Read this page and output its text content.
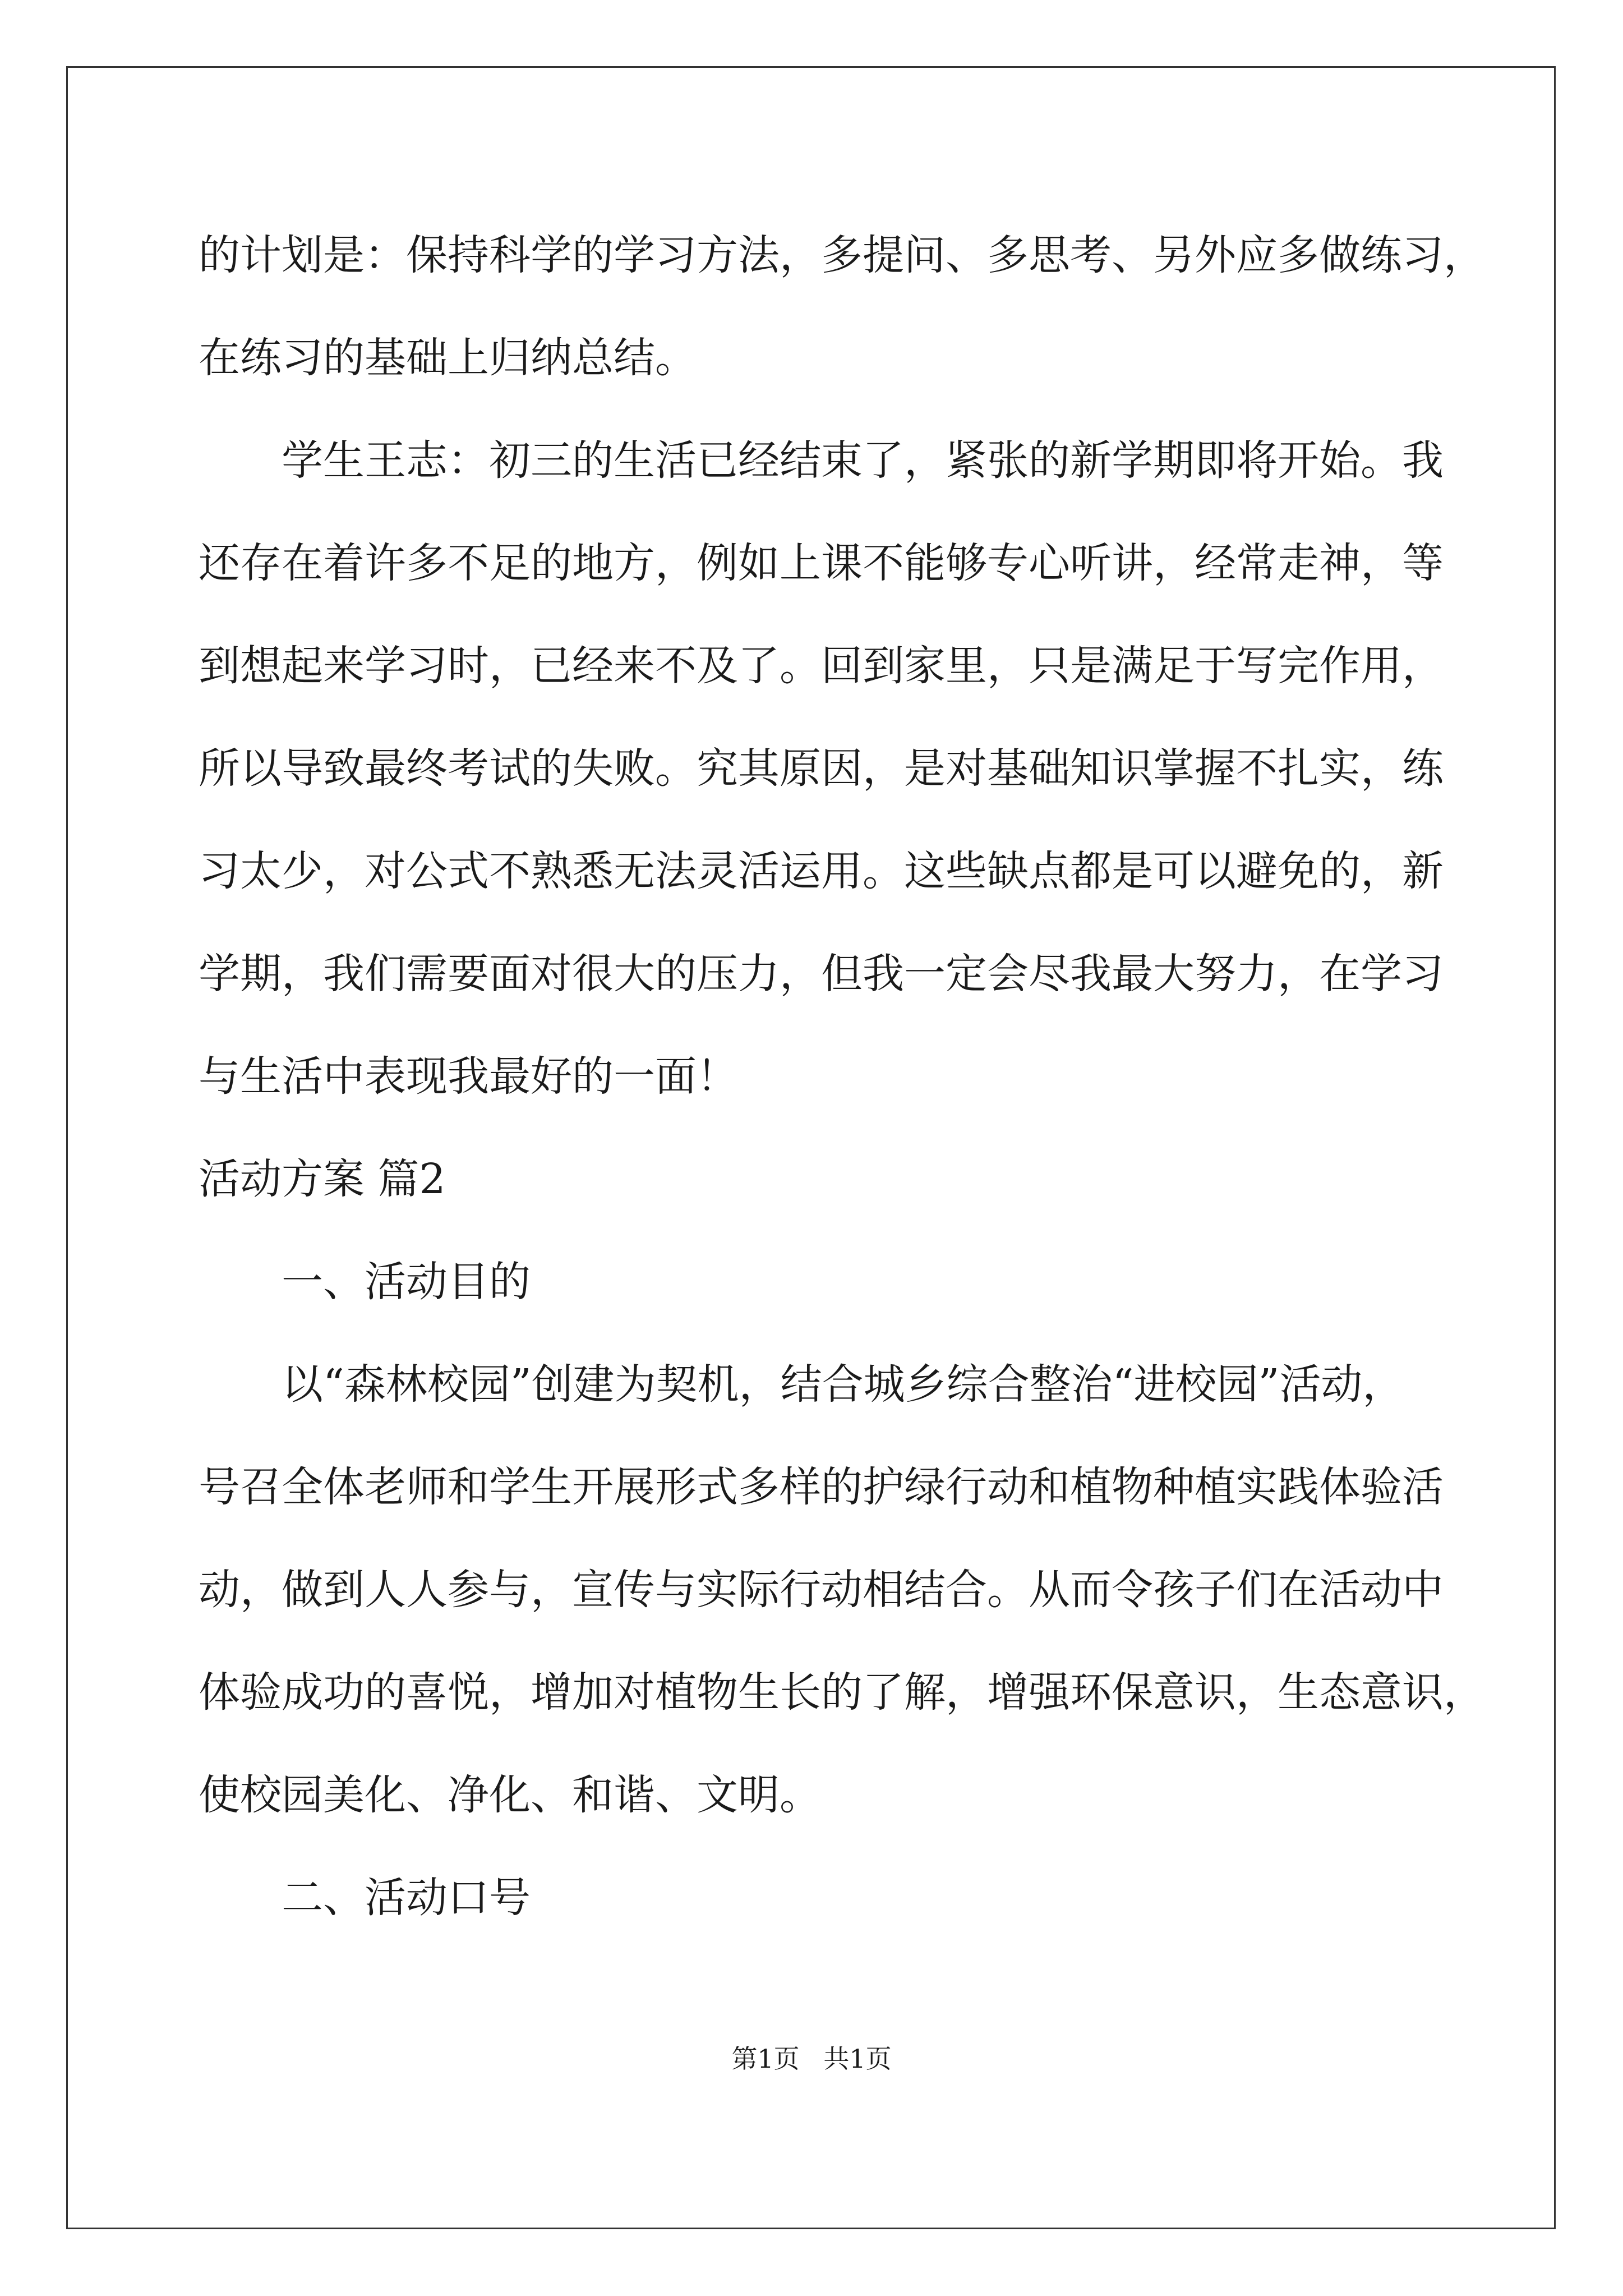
的计划是：保持科学的学习方法，多提问、多思考、另外应多做练习，
在练习的基础上归纳总结。
学生王志：初三的生活已经结束了，紧张的新学期即将开始。我
还存在着许多不足的地方，例如上课不能够专心听讲，经常走神，等
到想起来学习时，已经来不及了。回到家里，只是满足于写完作用，
所以导致最终考试的失败。究其原因，是对基础知识掌握不扎实，练
习太少，对公式不熟悉无法灵活运用。这些缺点都是可以避免的，新
学期，我们需要面对很大的压力，但我一定会尽我最大努力，在学习
与生活中表现我最好的一面！
活动方案 篇2
一、活动目的
以“森林校园”创建为契机，结合城乡综合整治“进校园”活动，
号召全体老师和学生开展形式多样的护绿行动和植物种植实践体验活
动，做到人人参与，宣传与实际行动相结合。从而令孩子们在活动中
体验成功的喜悦，增加对植物生长的了解，增强环保意识，生态意识，
使校园美化、净化、和谐、文明。
二、活动口号
第1页 共1页
